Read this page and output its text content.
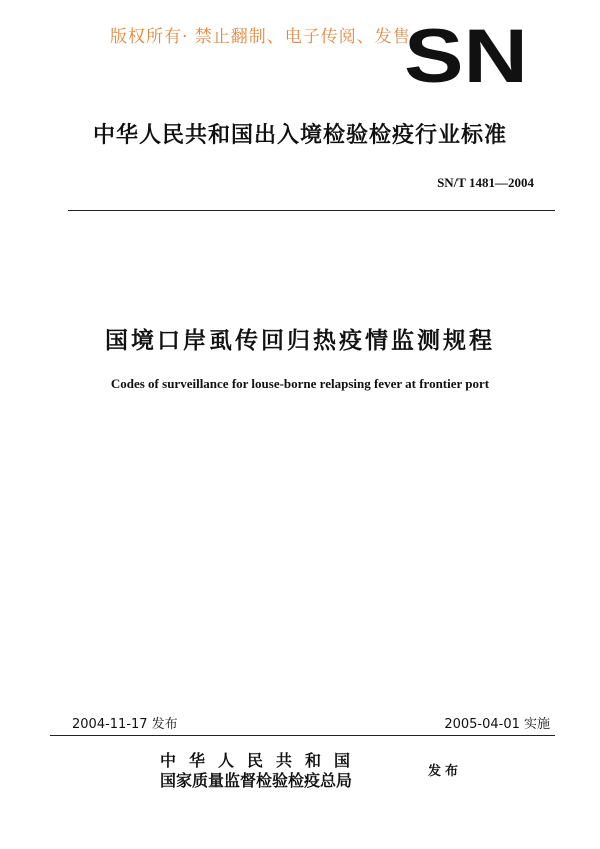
版权所有· 禁止翻制、电子传阅、发售
SN
中华人民共和国出入境检验检疫行业标准
SN/T 1481—2004
国境口岸虱传回归热疫情监测规程
Codes of surveillance for louse-borne relapsing fever at frontier port
2004-11-17 发布	2005-04-01 实施
中华人民共和国
国家质量监督检验检疫总局	发布
